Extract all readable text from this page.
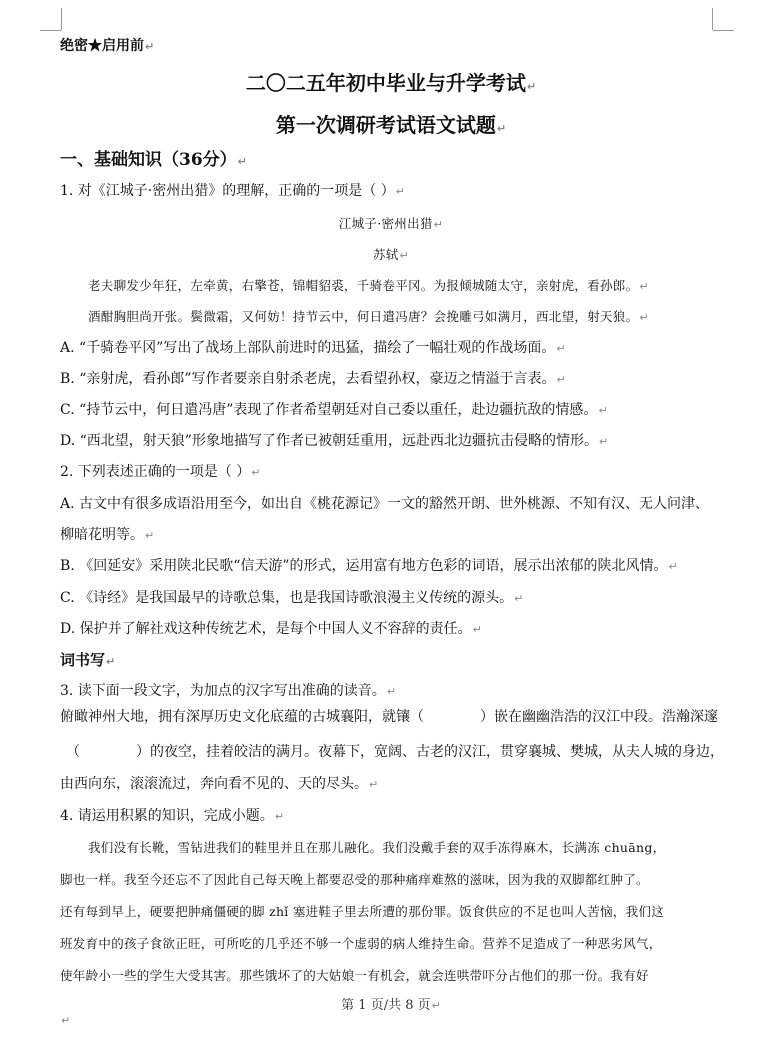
绝密★启用前↵
二〇二五年初中毕业与升学考试↵
第一次调研考试语文试题↵
一、基础知识（36分）↵
1. 对《江城子·密州出猎》的理解，正确的一项是（ ）↵
江城子·密州出猎↵
苏轼↵
老夫聊发少年狂，左牵黄，右擎苍，锦帽貂裘，千骑卷平冈。为报倾城随太守，亲射虎，看孙郎。↵
酒酣胸胆尚开张。鬓微霜，又何妨！持节云中，何日遣冯唐？会挽雕弓如满月，西北望，射天狼。↵
A. “千骑卷平冈”写出了战场上部队前进时的迅猛，描绘了一幅壮观的作战场面。↵
B. “亲射虎，看孙郎”写作者要亲自射杀老虎，去看望孙权，豪迈之情溢于言表。↵
C. “持节云中，何日遣冯唐”表现了作者希望朝廷对自己委以重任，赴边疆抗敌的情感。↵
D. “西北望，射天狼”形象地描写了作者已被朝廷重用，远赴西北边疆抗击侵略的情形。↵
2. 下列表述正确的一项是（ ）↵
A. 古文中有很多成语沿用至今，如出自《桃花源记》一文的豁然开朗、世外桃源、不知有汉、无人问津、
柳暗花明等。↵
B. 《回延安》采用陕北民歌“信天游”的形式，运用富有地方色彩的词语，展示出浓郁的陕北风情。↵
C. 《诗经》是我国最早的诗歌总集，也是我国诗歌浪漫主义传统的源头。↵
D. 保护并了解社戏这种传统艺术，是每个中国人义不容辞的责任。↵
词书写↵
3. 读下面一段文字，为加点的汉字写出准确的读音。↵
俯瞰神州大地，拥有深厚历史文化底蕴的古城襄阳，就镶（	）嵌在幽幽浩浩的汉江中段。浩瀚深邃
（	）的夜空，挂着皎洁的满月。夜幕下，宽阔、古老的汉江，贯穿襄城、樊城，从夫人城的身边，
由西向东，滚滚流过，奔向看不见的、天的尽头。↵
4. 请运用积累的知识，完成小题。↵
我们没有长靴，雪钻进我们的鞋里并且在那儿融化。我们没戴手套的双手冻得麻木，长满冻 chuāng，
脚也一样。我至今还忘不了因此自己每天晚上都要忍受的那种痛痒难熬的滋味，因为我的双脚都红肿了。
还有每到早上，硬要把肿痛僵硬的脚 zhǐ 塞进鞋子里去所遭的那份罪。饭食供应的不足也叫人苦恼，我们这
班发育中的孩子食欲正旺，可所吃的几乎还不够一个虚弱的病人维持生命。营养不足造成了一种恶劣风气，
使年龄小一些的学生大受其害。那些饿坏了的大姑娘一有机会，就会连哄带吓分占他们的那一份。我有好
第 1 页/共 8 页↵
↵
